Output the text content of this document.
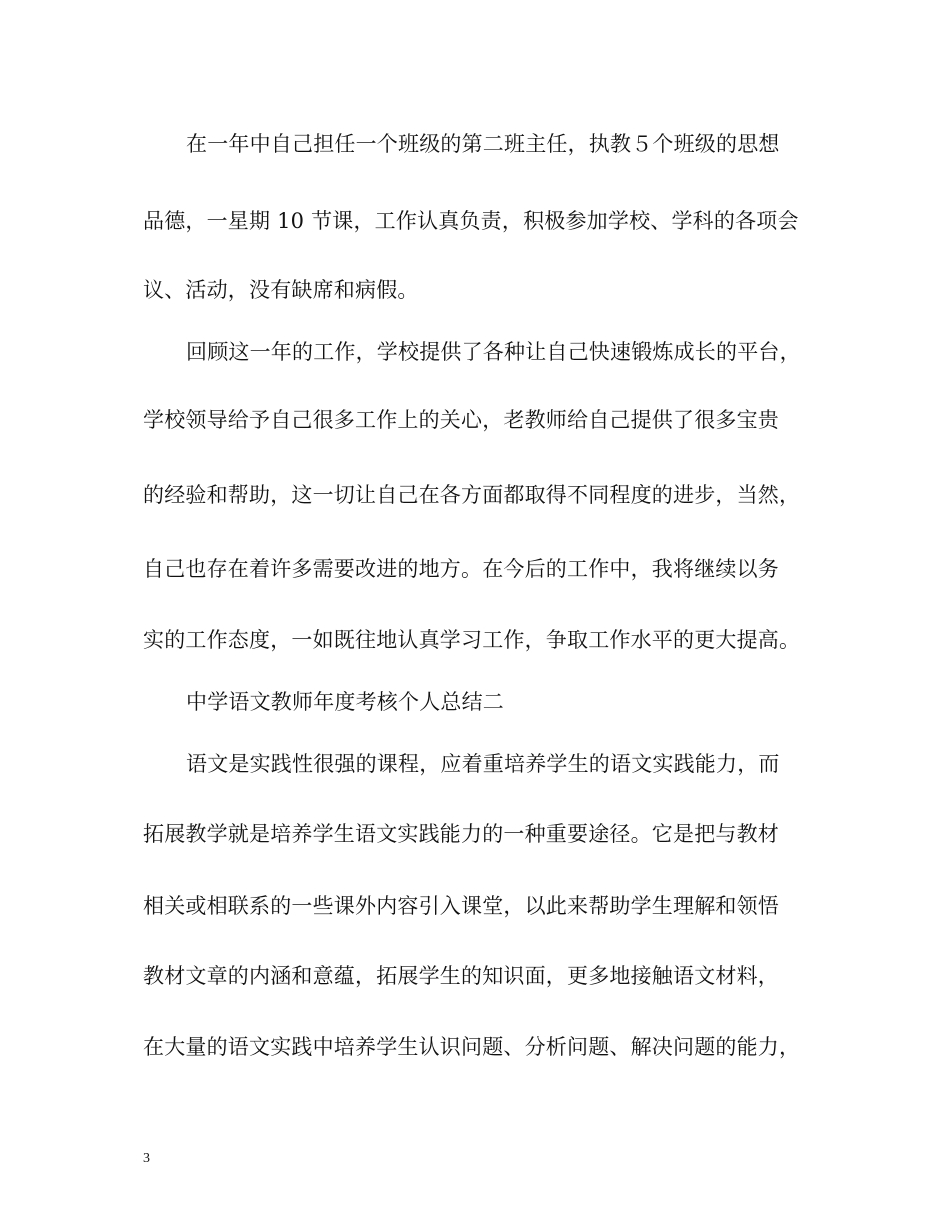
在一年中自己担任一个班级的第二班主任，执教５个班级的思想
品德，一星期 10 节课，工作认真负责，积极参加学校、学科的各项会
议、活动，没有缺席和病假。
回顾这一年的工作，学校提供了各种让自己快速锻炼成长的平台，
学校领导给予自己很多工作上的关心，老教师给自己提供了很多宝贵
的经验和帮助，这一切让自己在各方面都取得不同程度的进步，当然，
自己也存在着许多需要改进的地方。在今后的工作中，我将继续以务
实的工作态度，一如既往地认真学习工作，争取工作水平的更大提高。
中学语文教师年度考核个人总结二
语文是实践性很强的课程，应着重培养学生的语文实践能力，而
拓展教学就是培养学生语文实践能力的一种重要途径。它是把与教材
相关或相联系的一些课外内容引入课堂，以此来帮助学生理解和领悟
教材文章的内涵和意蕴，拓展学生的知识面，更多地接触语文材料，
在大量的语文实践中培养学生认识问题、分析问题、解决问题的能力，
3
